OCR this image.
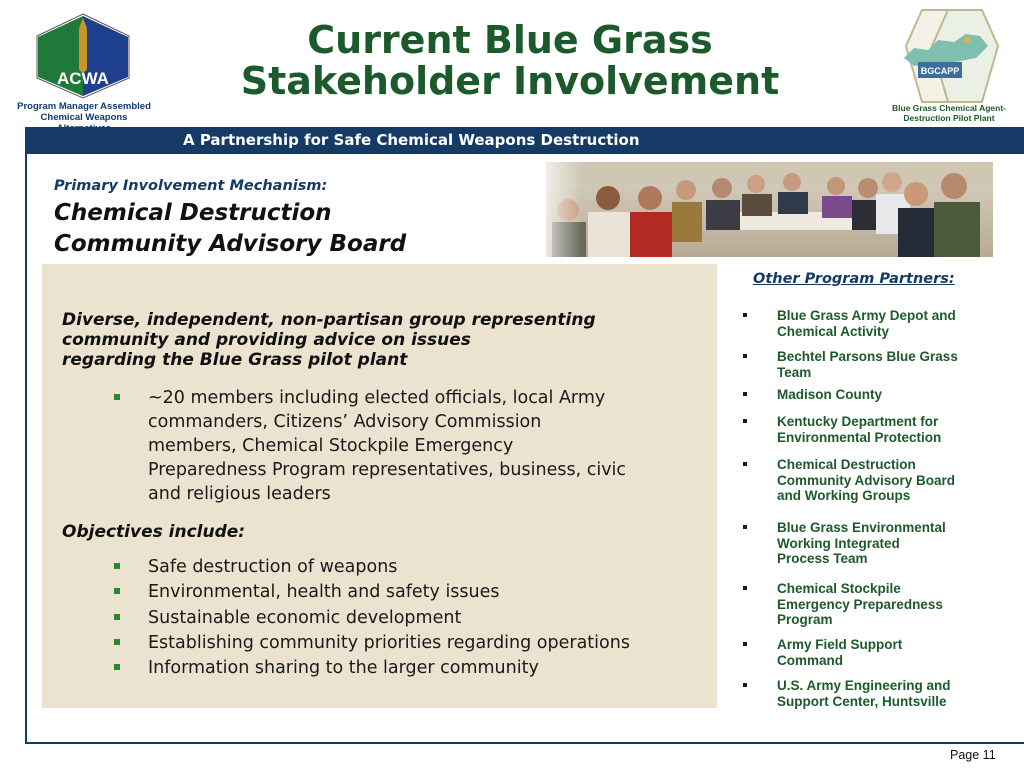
ACWA
Program Manager Assembled
Chemical Weapons
Current Blue Grass
Stakeholder Involvement	BGCAPP
Blue Grass Chemical Agent-
Destruction Pilot Plant
A Partnership for Safe Chemical Weapons Destruction
Primary Involvement Mechanism:
Chemical Destruction
Community Advisory Board
Diverse, independent, non-partisan group representing
community and providing advice on issues
regarding the Blue Grass pilot plant
~20 members including elected officials, local Army
commanders, Citizens’ Advisory Commission
members, Chemical Stockpile Emergency
Preparedness Program representatives, business, civic
and religious leaders
Objectives include:
Safe destruction of weapons
Environmental, health and safety issues
Sustainable economic development
Establishing community priorities regarding operations
Information sharing to the larger community
Other Program Partners:
Blue Grass Army Depot and
Chemical Activity
Bechtel Parsons Blue Grass
Team
Madison County
Kentucky Department for
Environmental Protection
Chemical Destruction
Community Advisory Board
and Working Groups
Blue Grass Environmental
Working Integrated
Process Team
Chemical Stockpile
Emergency Preparedness
Program
Army Field Support
Command
U.S. Army Engineering and
Support Center, Huntsville
Page 11
